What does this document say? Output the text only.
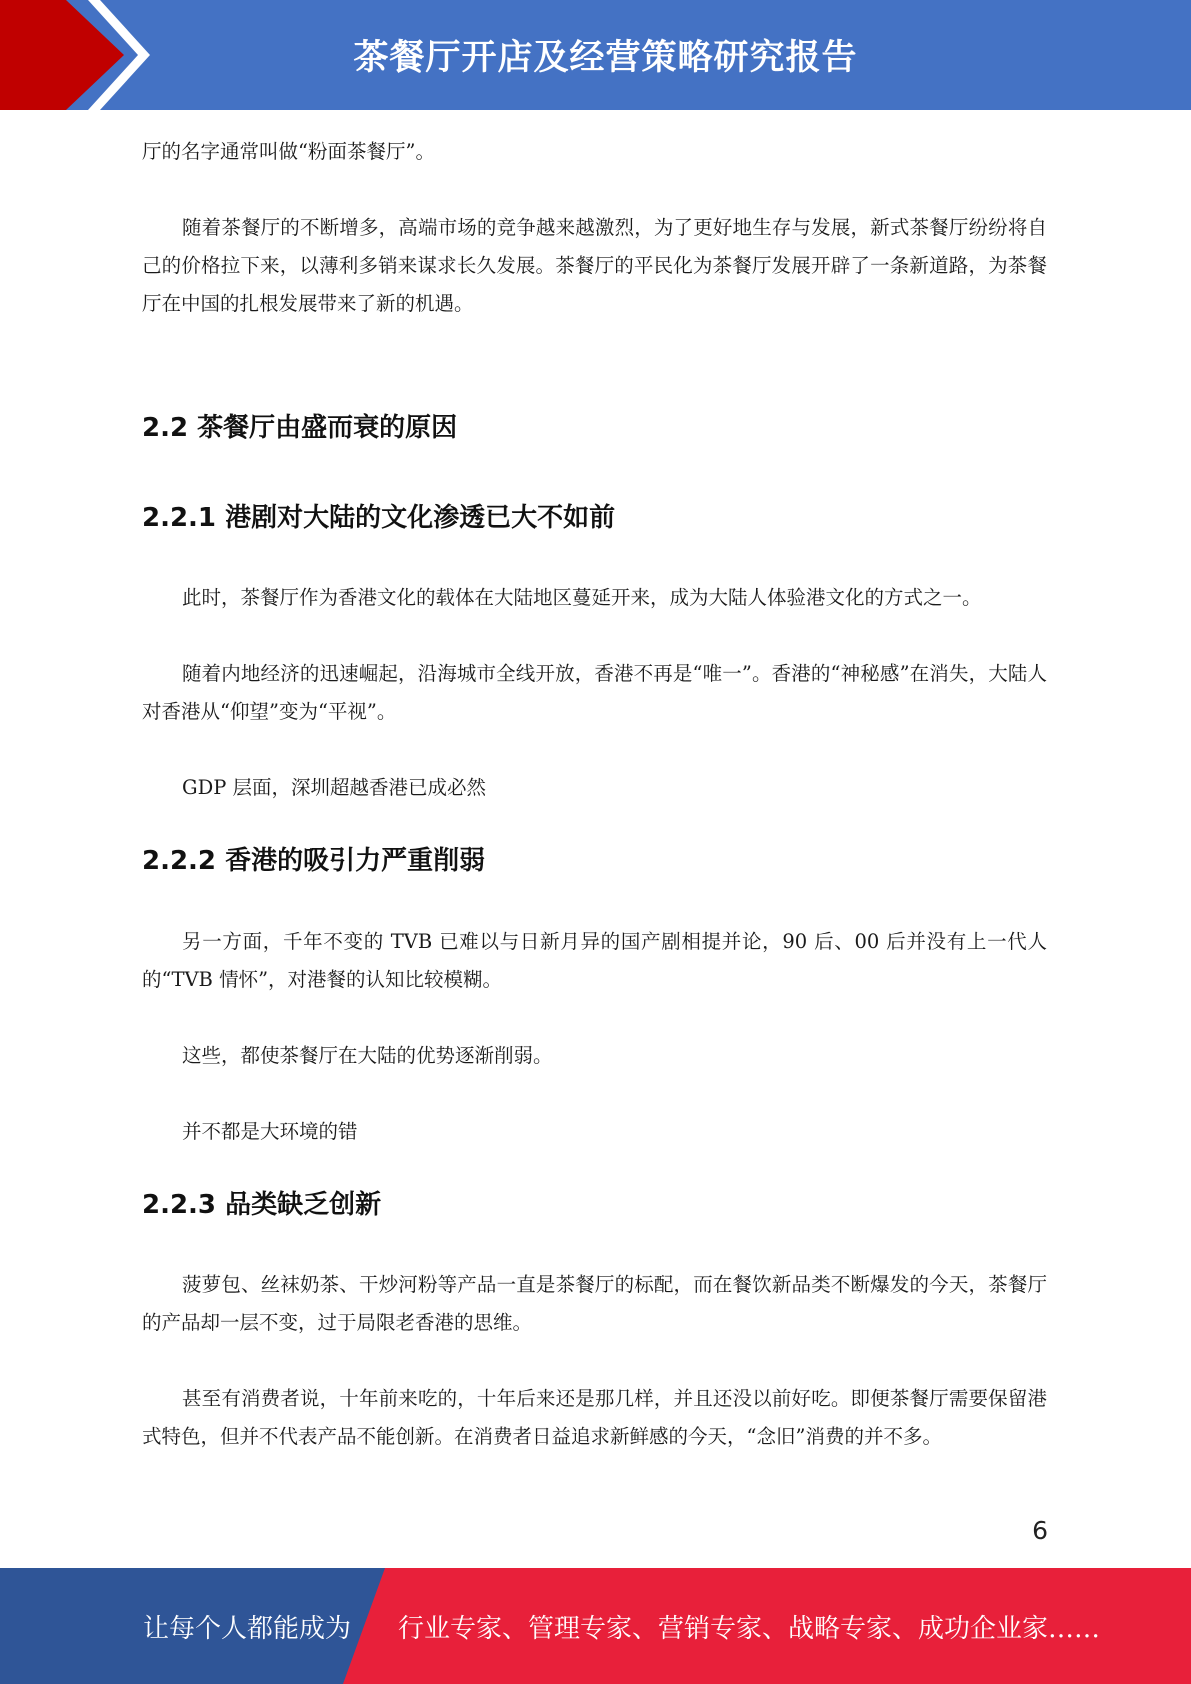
茶餐厅开店及经营策略研究报告

厅的名字通常叫做“粉面茶餐厅”。

随着茶餐厅的不断增多，高端市场的竞争越来越激烈，为了更好地生存与发展，新式茶餐厅纷纷将自己的价格拉下来，以薄利多销来谋求长久发展。茶餐厅的平民化为茶餐厅发展开辟了一条新道路，为茶餐厅在中国的扎根发展带来了新的机遇。

2.2 茶餐厅由盛而衰的原因
2.2.1 港剧对大陆的文化渗透已大不如前

此时，茶餐厅作为香港文化的载体在大陆地区蔓延开来，成为大陆人体验港文化的方式之一。

随着内地经济的迅速崛起，沿海城市全线开放，香港不再是“唯一”。香港的“神秘感”在消失，大陆人对香港从“仰望”变为“平视”。

GDP 层面，深圳超越香港已成必然

2.2.2 香港的吸引力严重削弱

另一方面，千年不变的 TVB 已难以与日新月异的国产剧相提并论，90 后、00 后并没有上一代人的“TVB 情怀”，对港餐的认知比较模糊。

这些，都使茶餐厅在大陆的优势逐渐削弱。

并不都是大环境的错

2.2.3 品类缺乏创新

菠萝包、丝袜奶茶、干炒河粉等产品一直是茶餐厅的标配，而在餐饮新品类不断爆发的今天，茶餐厅的产品却一层不变，过于局限老香港的思维。

甚至有消费者说，十年前来吃的，十年后来还是那几样，并且还没以前好吃。即便茶餐厅需要保留港式特色，但并不代表产品不能创新。在消费者日益追求新鲜感的今天，“念旧”消费的并不多。

6
让每个人都能成为 行业专家、管理专家、营销专家、战略专家、成功企业家……
